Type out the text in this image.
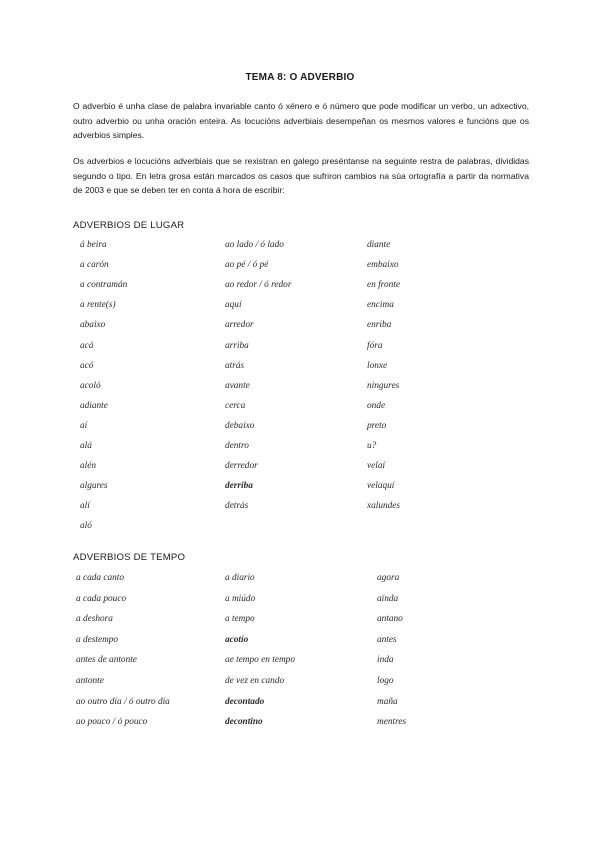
TEMA 8: O ADVERBIO

O adverbio é unha clase de palabra invariable canto ó xénero e ó número que pode modificar un verbo, un adxectivo, outro adverbio ou unha oración enteira. As locucións adverbiais desempeñan os mesmos valores e funcións que os adverbios simples.

Os adverbios e locucións adverbiais que se rexistran en galego preséntanse na seguinte restra de palabras, divididas segundo o tipo. En letra grosa están marcados os casos que sufriron cambios na súa ortografía a partir da normativa de 2003 e que se deben ter en conta á hora de escribir:

ADVERBIOS DE LUGAR
á beira
a carón
a contramán
a rente(s)
abaixo
acá
acó
acoló
adiante
aí
alá
alén
algures
alí
aló
ao lado / ó lado
ao pé / ó pé
ao redor / ó redor
aquí
arredor
arriba
atrás
avante
cerca
debaixo
dentro
derredor
derriba
detrás
diante
embaixo
en fronte
encima
enriba
fóra
lonxe
ningures
onde
preto
u?
velaí
velaquí
xalundes
ADVERBIOS DE TEMPO
a cada canto
a cada pouco
a deshora
a destempo
antes de antonte
antonte
ao outro día / ó outro día
ao pouco / ó pouco
a diario
a miúdo
a tempo
acotío
ae tempo en tempo
de vez en cando
decontado
decontino
agora
aínda
antano
antes
inda
logo
maña
mentres
